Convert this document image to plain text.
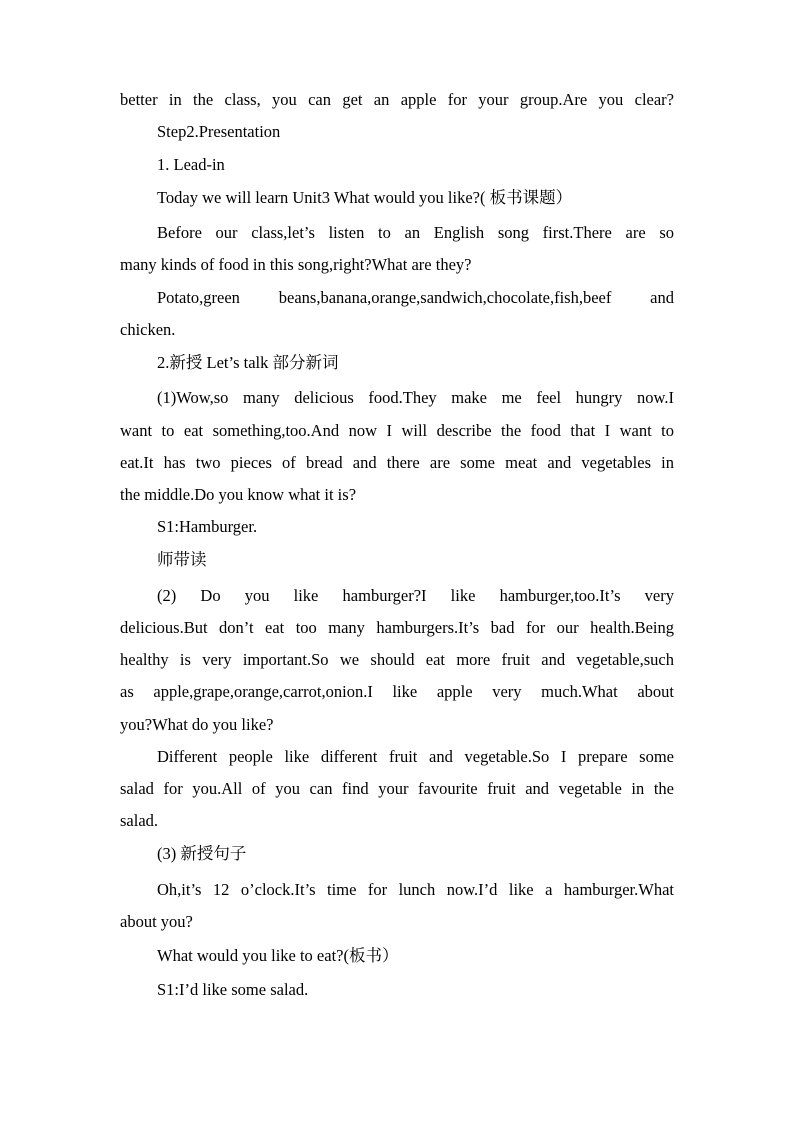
better in the class, you can get an apple for your group.Are you clear?
Step2.Presentation
1. Lead-in
Today we will learn Unit3 What would you like?( 板书课题）
Before our class,let’s listen to an English song first.There are so
many kinds of food in this song,right?What are they?
Potato,green beans,banana,orange,sandwich,chocolate,fish,beef and
chicken.
2.新授 Let’s talk 部分新词
(1)Wow,so many delicious food.They make me feel hungry now.I
want to eat something,too.And now I will describe the food that I want to
eat.It has two pieces of bread and there are some meat and vegetables in
the middle.Do you know what it is?
S1:Hamburger.
师带读
(2) Do you like hamburger?I like hamburger,too.It’s very
delicious.But don’t eat too many hamburgers.It’s bad for our health.Being
healthy is very important.So we should eat more fruit and vegetable,such
as apple,grape,orange,carrot,onion.I like apple very much.What about
you?What do you like?
Different people like different fruit and vegetable.So I prepare some
salad for you.All of you can find your favourite fruit and vegetable in the
salad.
(3) 新授句子
Oh,it’s 12 o’clock.It’s time for lunch now.I’d like a hamburger.What
about you?
What would you like to eat?(板书）
S1:I’d like some salad.
